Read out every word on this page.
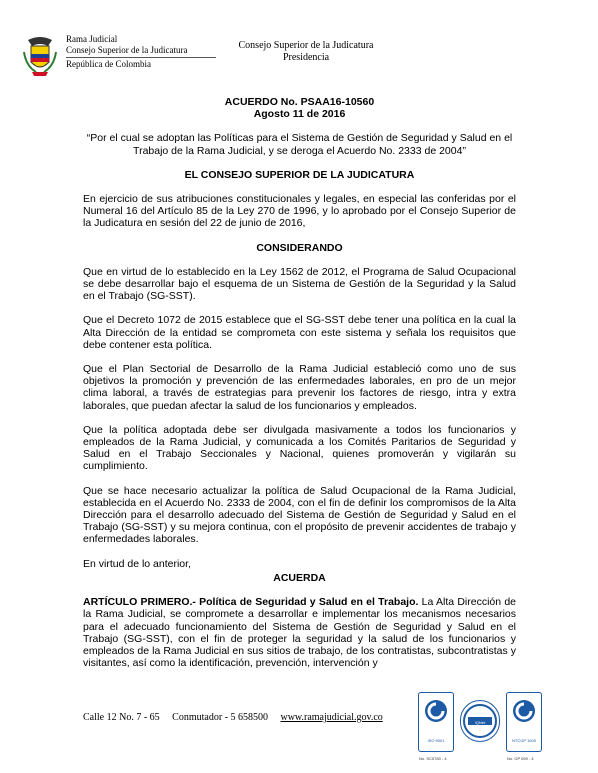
Rama Judicial
Consejo Superior de la Judicatura
República de Colombia
Consejo Superior de la Judicatura
Presidencia
ACUERDO No. PSAA16-10560
Agosto 11 de 2016
“Por el cual se adoptan las Políticas para el Sistema de Gestión de Seguridad y Salud en el Trabajo de la Rama Judicial, y se deroga el Acuerdo No. 2333 de 2004”
EL CONSEJO SUPERIOR DE LA JUDICATURA

En ejercicio de sus atribuciones constitucionales y legales, en especial las conferidas por el Numeral 16 del Artículo 85 de la Ley 270 de 1996, y lo aprobado por el Consejo Superior de la Judicatura en sesión del 22 de junio de 2016,

CONSIDERANDO

Que en virtud de lo establecido en la Ley 1562 de 2012, el Programa de Salud Ocupacional se debe desarrollar bajo el esquema de un Sistema de Gestión de la Seguridad y la Salud en el Trabajo (SG-SST).

Que el Decreto 1072 de 2015 establece que el SG-SST debe tener una política en la cual la Alta Dirección de la entidad se comprometa con este sistema y señala los requisitos que debe contener esta política.

Que el Plan Sectorial de Desarrollo de la Rama Judicial estableció como uno de sus objetivos la promoción y prevención de las enfermedades laborales, en pro de un mejor clima laboral, a través de estrategias para prevenir los factores de riesgo, intra y extra laborales, que puedan afectar la salud de los funcionarios y empleados.

Que la política adoptada debe ser divulgada masivamente a todos los funcionarios y empleados de la Rama Judicial, y comunicada a los Comités Paritarios de Seguridad y Salud en el Trabajo Seccionales y Nacional, quienes promoverán y vigilarán su cumplimiento.

Que se hace necesario actualizar la política de Salud Ocupacional de la Rama Judicial, establecida en el Acuerdo No. 2333 de 2004, con el fin de definir los compromisos de la Alta Dirección para el desarrollo adecuado del Sistema de Gestión de Seguridad y Salud en el Trabajo (SG-SST) y su mejora continua, con el propósito de prevenir accidentes de trabajo y enfermedades laborales.

En virtud de lo anterior,
ACUERDA

ARTÍCULO PRIMERO.- Política de Seguridad y Salud en el Trabajo. La Alta Dirección de la Rama Judicial, se compromete a desarrollar e implementar los mecanismos necesarios para el adecuado funcionamiento del Sistema de Gestión de Seguridad y Salud en el Trabajo (SG-SST), con el fin de proteger la seguridad y la salud de los funcionarios y empleados de la Rama Judicial en sus sitios de trabajo, de los contratistas, subcontratistas y visitantes, así como la identificación, prevención, intervención y

Calle 12 No. 7 - 65 Conmutador - 5 658500 www.ramajudicial.gov.co
ISO 9001
No. SC5780 - 4
IQNet
NTCGP 1000
No. GP 059 - 4
